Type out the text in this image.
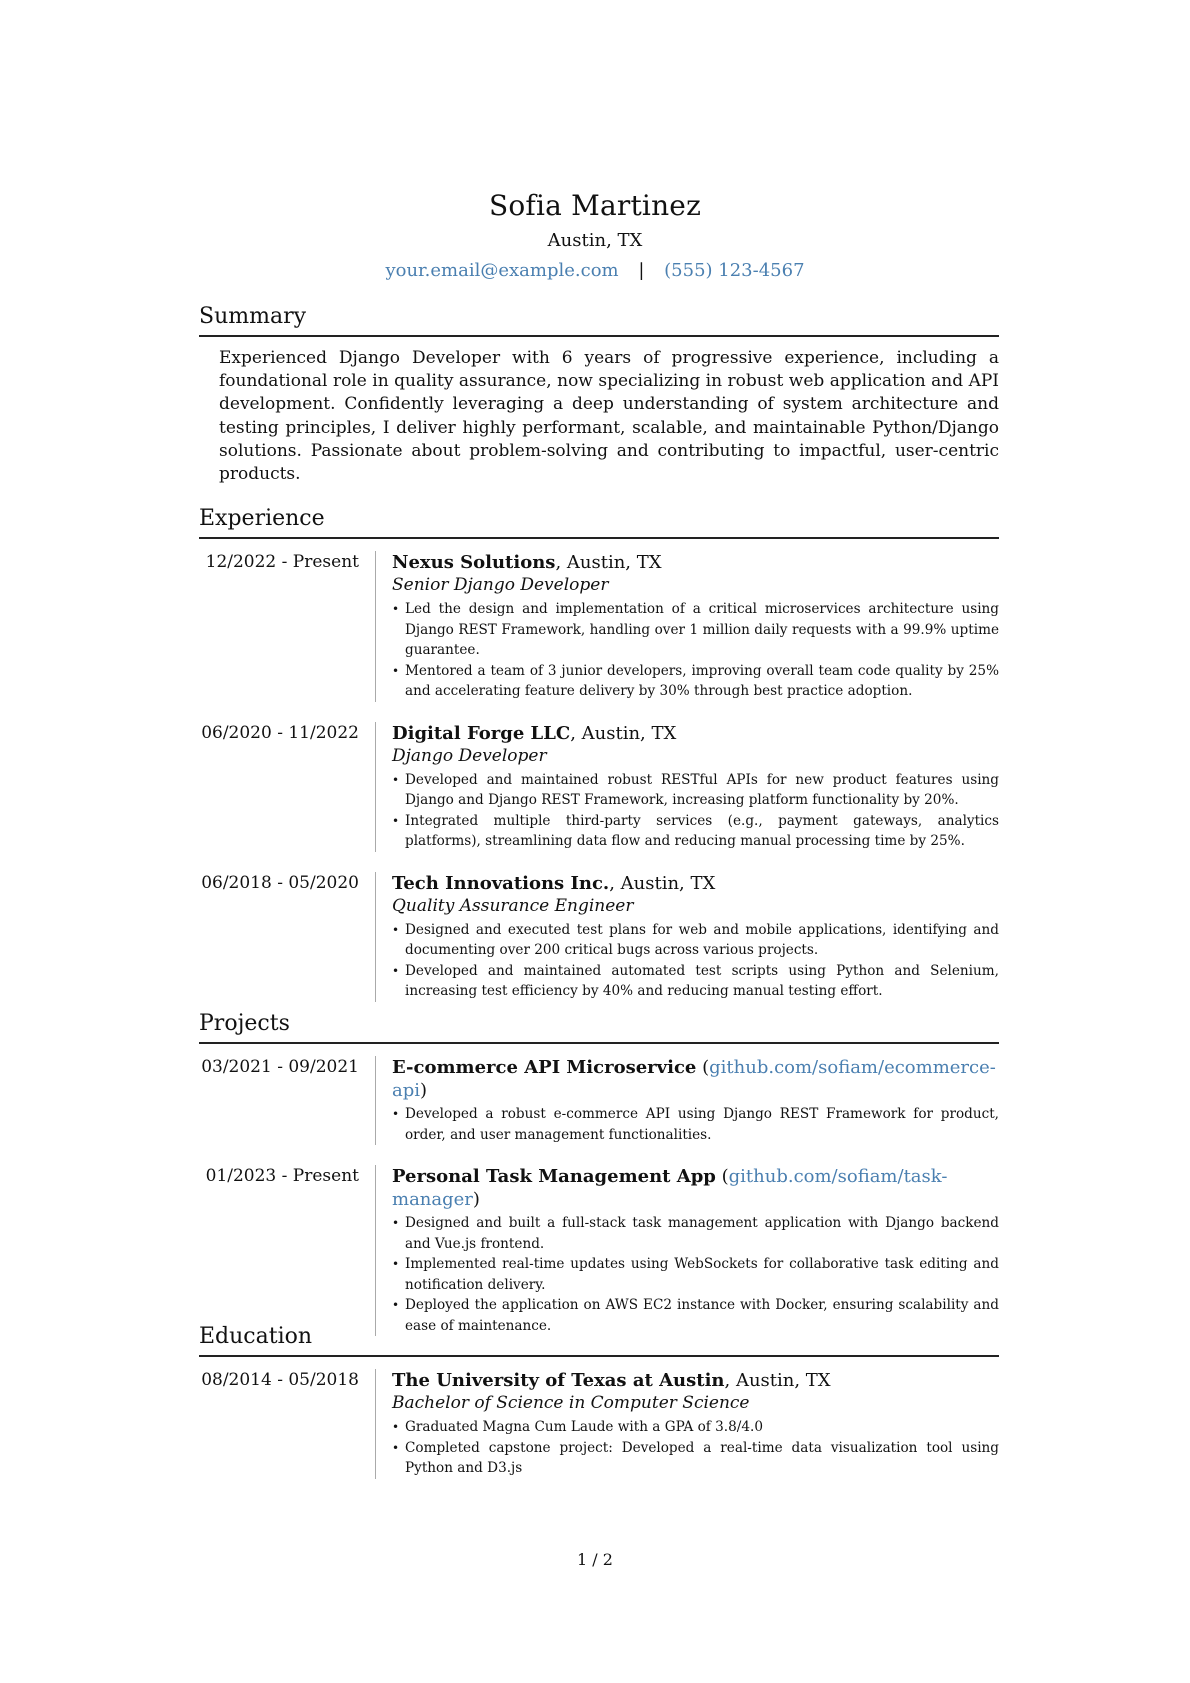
Sofia Martinez
Austin, TX
your.email@example.com | (555) 123-4567
Summary
Experienced Django Developer with 6 years of progressive experience, including a foundational role in quality assurance, now specializing in robust web application and API development. Confidently leveraging a deep understanding of system architecture and testing principles, I deliver highly performant, scalable, and maintainable Python/Django solutions. Passionate about problem-solving and contributing to impactful, user-centric products.
Experience
12/2022 - Present	Nexus Solutions, Austin, TX
Senior Django Developer
• Led the design and implementation of a critical microservices architecture using Django REST Framework, handling over 1 million daily requests with a 99.9% uptime guarantee.
• Mentored a team of 3 junior developers, improving overall team code quality by 25% and accelerating feature delivery by 30% through best practice adoption.
06/2020 - 11/2022	Digital Forge LLC, Austin, TX
Django Developer
• Developed and maintained robust RESTful APIs for new product features using Django and Django REST Framework, increasing platform functionality by 20%.
• Integrated multiple third-party services (e.g., payment gateways, analytics platforms), streamlining data flow and reducing manual processing time by 25%.
06/2018 - 05/2020	Tech Innovations Inc., Austin, TX
Quality Assurance Engineer
• Designed and executed test plans for web and mobile applications, identifying and documenting over 200 critical bugs across various projects.
• Developed and maintained automated test scripts using Python and Selenium, increasing test efficiency by 40% and reducing manual testing effort.
Projects
03/2021 - 09/2021	E-commerce API Microservice (github.com/sofiam/ecommerce-api)
• Developed a robust e-commerce API using Django REST Framework for product, order, and user management functionalities.
01/2023 - Present	Personal Task Management App (github.com/sofiam/task-manager)
• Designed and built a full-stack task management application with Django backend and Vue.js frontend.
• Implemented real-time updates using WebSockets for collaborative task editing and notification delivery.
• Deployed the application on AWS EC2 instance with Docker, ensuring scalability and ease of maintenance.
Education
08/2014 - 05/2018	The University of Texas at Austin, Austin, TX
Bachelor of Science in Computer Science
• Graduated Magna Cum Laude with a GPA of 3.8/4.0
• Completed capstone project: Developed a real-time data visualization tool using Python and D3.js
1 / 2
